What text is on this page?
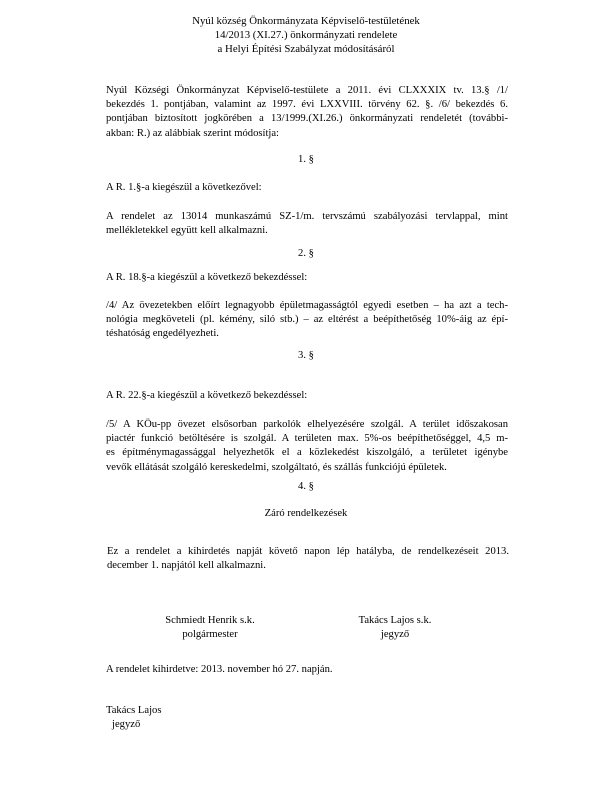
Nyúl község Önkormányzata Képviselő-testületének
14/2013 (XI.27.) önkormányzati rendelete
a Helyi Építési Szabályzat módosításáról
Nyúl Községi Önkormányzat Képviselő-testülete a 2011. évi CLXXXIX tv. 13.§ /1/
bekezdés 1. pontjában, valamint az 1997. évi LXXVIII. törvény 62. §. /6/ bekezdés 6.
pontjában biztosított jogkörében a 13/1999.(XI.26.) önkormányzati rendeletét (további-
akban: R.) az alábbiak szerint módosítja:
1. §
A R. 1.§-a kiegészül a következővel:
A rendelet az 13014 munkaszámú SZ-1/m. tervszámú szabályozási tervlappal, mint
mellékletekkel együtt kell alkalmazni.
2. §
A R. 18.§-a kiegészül a következő bekezdéssel:
/4/ Az övezetekben előírt legnagyobb épületmagasságtól egyedi esetben – ha azt a tech-
nológia megköveteli (pl. kémény, siló stb.) – az eltérést a beépíthetőség 10%-áig az épí-
téshatóság engedélyezheti.
3. §
A R. 22.§-a kiegészül a következő bekezdéssel:
/5/ A KÖu-pp övezet elsősorban parkolók elhelyezésére szolgál. A terület időszakosan
piactér funkció betöltésére is szolgál. A területen max. 5%-os beépíthetőséggel, 4,5 m-
es építménymagassággal helyezhetők el a közlekedést kiszolgáló, a területet igénybe
vevők ellátását szolgáló kereskedelmi, szolgáltató, és szállás funkciójú épületek.
4. §
Záró rendelkezések
Ez a rendelet a kihirdetés napját követő napon lép hatályba, de rendelkezéseit 2013.
december 1. napjától kell alkalmazni.
Schmiedt Henrik s.k.
polgármester
Takács Lajos s.k.
jegyző
A rendelet kihirdetve: 2013. november hó 27. napján.
Takács Lajos
jegyző
